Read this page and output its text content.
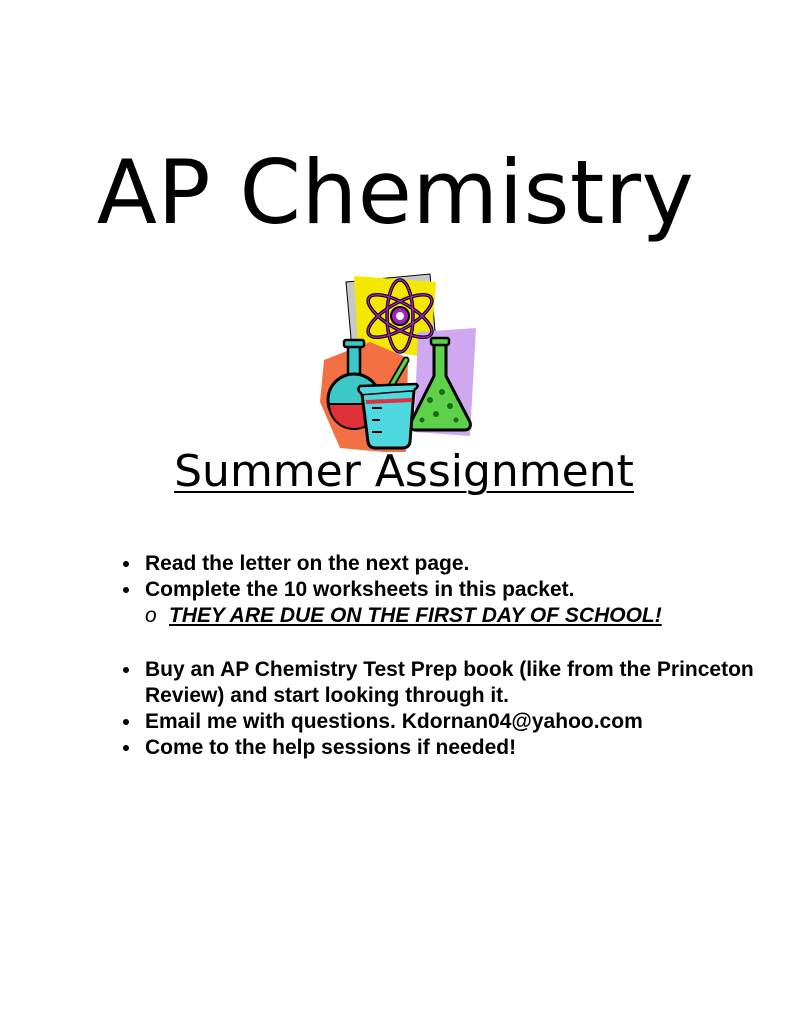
AP Chemistry
Summer Assignment
Read the letter on the next page.
Complete the 10 worksheets in this packet.
o THEY ARE DUE ON THE FIRST DAY OF SCHOOL!
Buy an AP Chemistry Test Prep book (like from the Princeton Review) and start looking through it.
Email me with questions. Kdornan04@yahoo.com
Come to the help sessions if needed!
